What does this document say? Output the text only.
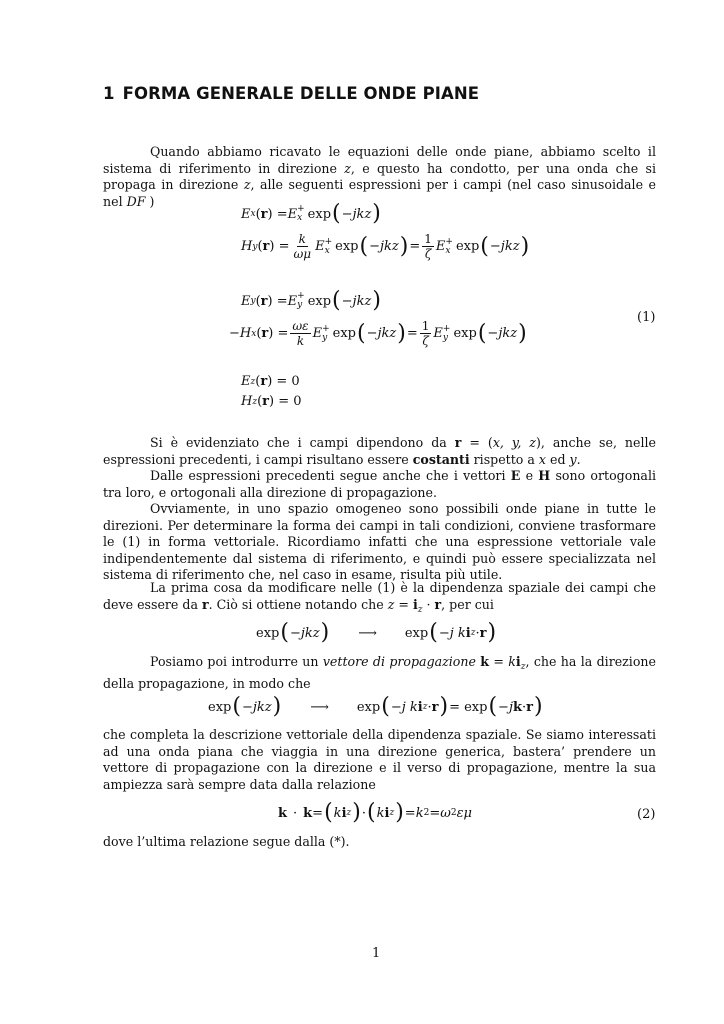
1 FORMA GENERALE DELLE ONDE PIANE
Quando abbiamo ricavato le equazioni delle onde piane, abbiamo scelto il sistema di riferimento in direzione z, e questo ha condotto, per una onda che si propaga in direzione z, alle seguenti espressioni per i campi (nel caso sinusoidale e nel DF )
E x ( r ) = E +
x exp ( − jkz )
H y ( r ) = $\frac{k}{\omega\mu}$ E +
x exp ( − jkz ) = $\frac{1}{\zeta}$ E +
x exp ( − jkz )
E y ( r ) = E +
y exp ( − jkz )
− H x ( r ) = $\frac{\omega\varepsilon}{k}$ E +
y exp ( − jkz ) = $\frac{1}{\zeta}$ E +
y exp ( − jkz )
(1)
E z ( r ) = 0
H z ( r ) = 0
Si è evidenziato che i campi dipendono da r = (x, y, z), anche se, nelle espressioni precedenti, i campi risultano essere costanti rispetto a x ed y.
Dalle espressioni precedenti segue anche che i vettori E e H sono ortogonali tra loro, e ortogonali alla direzione di propagazione.
Ovviamente, in uno spazio omogeneo sono possibili onde piane in tutte le direzioni. Per determinare la forma dei campi in tali condizioni, conviene trasformare le (1) in forma vettoriale. Ricordiamo infatti che una espressione vettoriale vale indipendentemente dal sistema di riferimento, e quindi può essere specializzata nel sistema di riferimento che, nel caso in esame, risulta più utile.
La prima cosa da modificare nelle (1) è la dipendenza spaziale dei campi che deve essere da r. Ciò si ottiene notando che $z = i_z \cdot r$, per cui
exp ( − jkz ) ⟶ exp ( − j k i z · r )
Posiamo poi introdurre un vettore di propagazione $k = ki_z$, che ha la direzione della propagazione, in modo che
exp ( − jkz ) ⟶ exp ( − j k i z · r ) = exp ( − j k · r )
che completa la descrizione vettoriale della dipendenza spaziale. Se siamo interessati ad una onda piana che viaggia in una direzione generica, bastera’ prendere un vettore di propagazione con la direzione e il verso di propagazione, mentre la sua ampiezza sarà sempre data dalla relazione
k · k = ( k i z ) · ( k i z ) = k 2 = ω 2 εμ	(2)
dove l’ultima relazione segue dalla (*).
1
